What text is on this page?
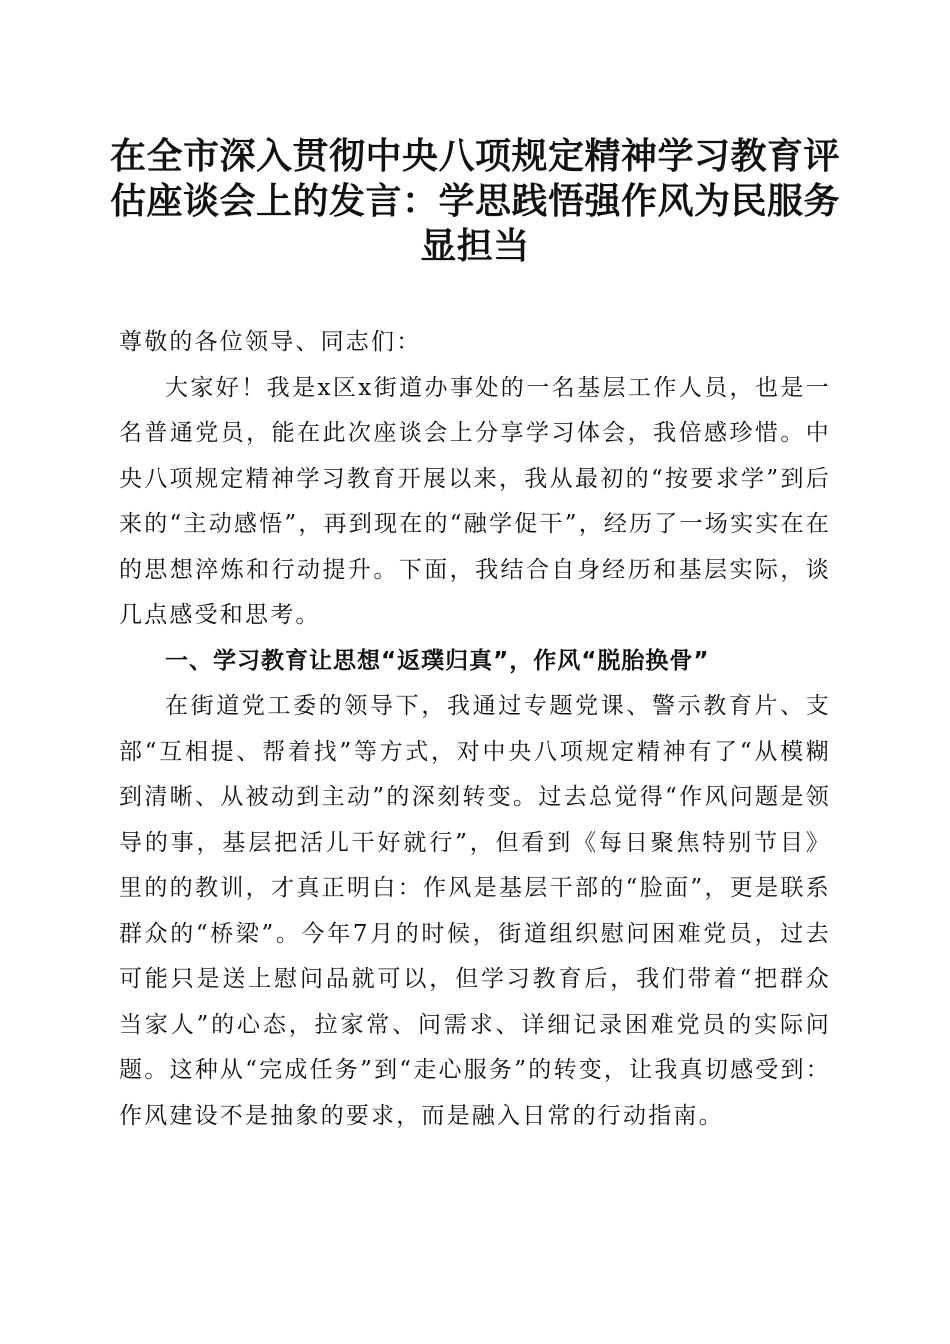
在全市深入贯彻中央八项规定精神学习教育评估座谈会上的发言：学思践悟强作风为民服务显担当

尊敬的各位领导、同志们：

大家好！我是x区x街道办事处的一名基层工作人员，也是一名普通党员，能在此次座谈会上分享学习体会，我倍感珍惜。中央八项规定精神学习教育开展以来，我从最初的“按要求学”到后来的“主动感悟”，再到现在的“融学促干”，经历了一场实实在在的思想淬炼和行动提升。下面，我结合自身经历和基层实际，谈几点感受和思考。

一、学习教育让思想“返璞归真”，作风“脱胎换骨”

在街道党工委的领导下，我通过专题党课、警示教育片、支部“互相提、帮着找”等方式，对中央八项规定精神有了“从模糊到清晰、从被动到主动”的深刻转变。过去总觉得“作风问题是领导的事，基层把活儿干好就行”，但看到《每日聚焦特别节目》里的的教训，才真正明白：作风是基层干部的“脸面”，更是联系群众的“桥梁”。今年7月的时候，街道组织慰问困难党员，过去可能只是送上慰问品就可以，但学习教育后，我们带着“把群众当家人”的心态，拉家常、问需求、详细记录困难党员的实际问题。这种从“完成任务”到“走心服务”的转变，让我真切感受到：作风建设不是抽象的要求，而是融入日常的行动指南。
